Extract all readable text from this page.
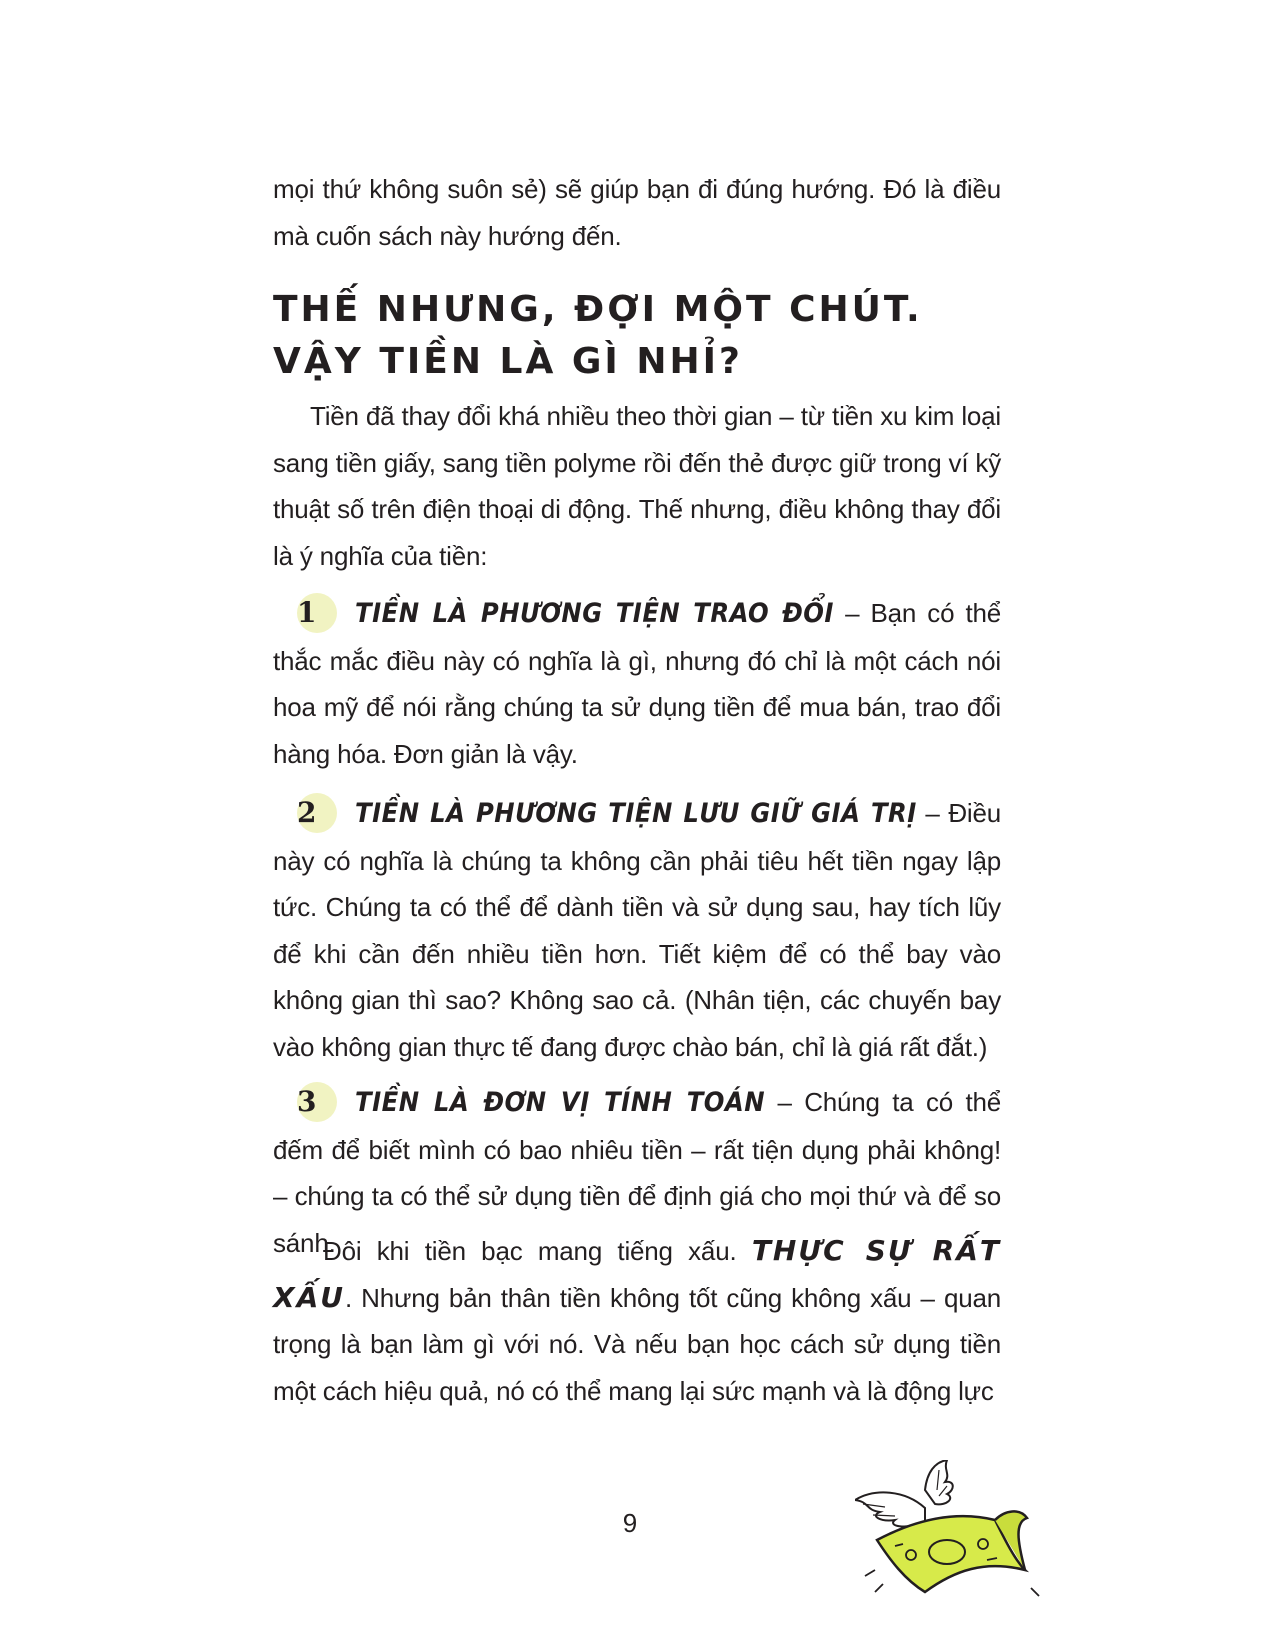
mọi thứ không suôn sẻ) sẽ giúp bạn đi đúng hướng. Đó là điều mà cuốn sách này hướng đến.

THẾ NHƯNG, ĐỢI MỘT CHÚT. VẬY TIỀN LÀ GÌ NHỈ?

Tiền đã thay đổi khá nhiều theo thời gian – từ tiền xu kim loại sang tiền giấy, sang tiền polyme rồi đến thẻ được giữ trong ví kỹ thuật số trên điện thoại di động. Thế nhưng, điều không thay đổi là ý nghĩa của tiền:

1 TIỀN LÀ PHƯƠNG TIỆN TRAO ĐỔI – Bạn có thể thắc mắc điều này có nghĩa là gì, nhưng đó chỉ là một cách nói hoa mỹ để nói rằng chúng ta sử dụng tiền để mua bán, trao đổi hàng hóa. Đơn giản là vậy.

2 TIỀN LÀ PHƯƠNG TIỆN LƯU GIỮ GIÁ TRỊ – Điều này có nghĩa là chúng ta không cần phải tiêu hết tiền ngay lập tức. Chúng ta có thể để dành tiền và sử dụng sau, hay tích lũy để khi cần đến nhiều tiền hơn. Tiết kiệm để có thể bay vào không gian thì sao? Không sao cả. (Nhân tiện, các chuyến bay vào không gian thực tế đang được chào bán, chỉ là giá rất đắt.)

3 TIỀN LÀ ĐƠN VỊ TÍNH TOÁN – Chúng ta có thể đếm để biết mình có bao nhiêu tiền – rất tiện dụng phải không! – chúng ta có thể sử dụng tiền để định giá cho mọi thứ và để so sánh.

Đôi khi tiền bạc mang tiếng xấu. THỰC SỰ RẤT XẤU. Nhưng bản thân tiền không tốt cũng không xấu – quan trọng là bạn làm gì với nó. Và nếu bạn học cách sử dụng tiền một cách hiệu quả, nó có thể mang lại sức mạnh và là động lực

9
